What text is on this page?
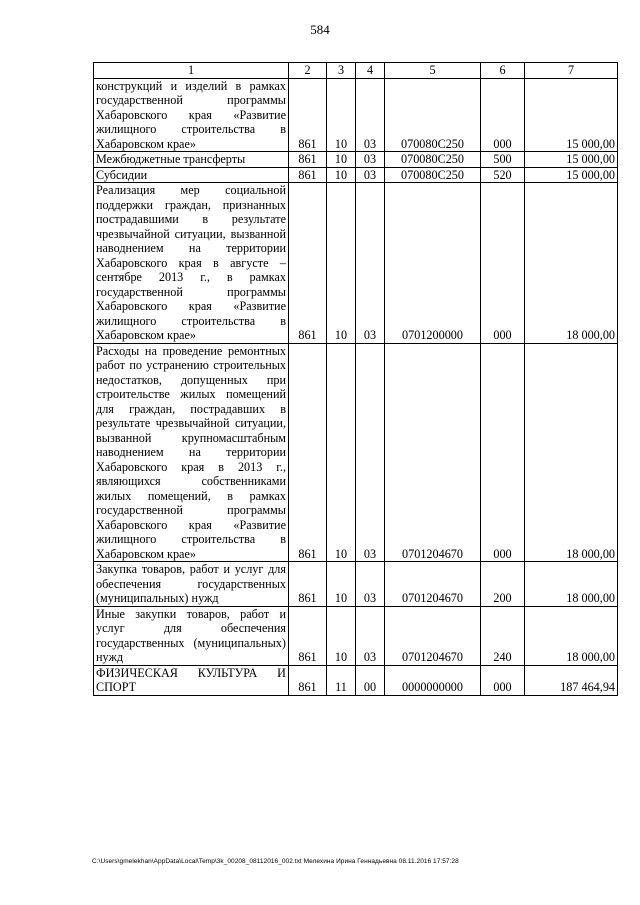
584
1	2	3	4	5	6	7
конструкций и изделий в рамках государственной программы Хабаровского края «Развитие жилищного строительства в Хабаровском крае»	861	10	03	070080С250	000	15 000,00
Межбюджетные трансферты	861	10	03	070080С250	500	15 000,00
Субсидии	861	10	03	070080С250	520	15 000,00
Реализация мер социальной поддержки граждан, признанных пострадавшими в результате чрезвычайной ситуации, вызванной наводнением на территории Хабаровского края в августе – сентябре 2013 г., в рамках государственной программы Хабаровского края «Развитие жилищного строительства в Хабаровском крае»	861	10	03	0701200000	000	18 000,00
Расходы на проведение ремонтных работ по устранению строительных недостатков, допущенных при строительстве жилых помещений для граждан, пострадавших в результате чрезвычайной ситуации, вызванной крупномасштабным наводнением на территории Хабаровского края в 2013 г., являющихся собственниками жилых помещений, в рамках государственной программы Хабаровского края «Развитие жилищного строительства в Хабаровском крае»	861	10	03	0701204670	000	18 000,00
Закупка товаров, работ и услуг для обеспечения государственных (муниципальных) нужд	861	10	03	0701204670	200	18 000,00
Иные закупки товаров, работ и услуг для обеспечения государственных (муниципальных) нужд	861	10	03	0701204670	240	18 000,00
ФИЗИЧЕСКАЯ КУЛЬТУРА И СПОРТ	861	11	00	0000000000	000	187 464,94
C:\Users\gmelekhan\AppData\Local\Temp\3k_00208_08112016_002.txt Мелехина Ирина Геннадьевна 08.11.2016 17:57:28
